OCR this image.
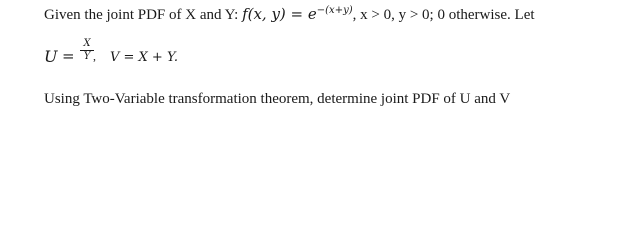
Given the joint PDF of X and Y: f(x, $y) = e^{-(x+y)}$, x > 0, y > 0; 0 otherwise. Let
$U = \frac{X}{Y}$ , V = X + Y.
Using Two-Variable transformation theorem, determine joint PDF of U and V
